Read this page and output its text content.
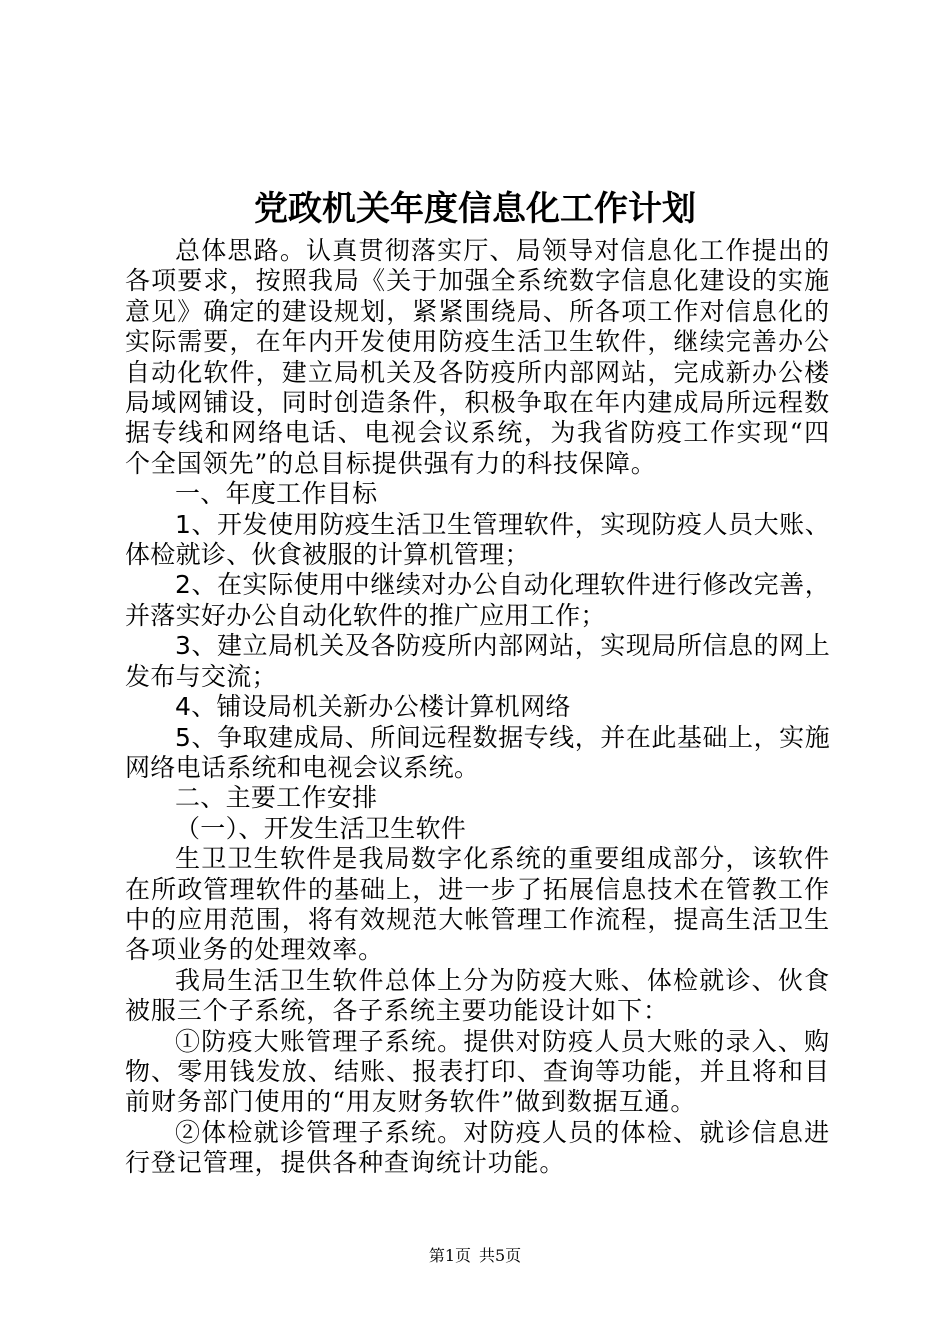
党政机关年度信息化工作计划

总体思路。认真贯彻落实厅、局领导对信息化工作提出的各项要求，按照我局《关于加强全系统数字信息化建设的实施意见》确定的建设规划，紧紧围绕局、所各项工作对信息化的实际需要，在年内开发使用防疫生活卫生软件，继续完善办公自动化软件，建立局机关及各防疫所内部网站，完成新办公楼局域网铺设，同时创造条件，积极争取在年内建成局所远程数据专线和网络电话、电视会议系统，为我省防疫工作实现“四个全国领先”的总目标提供强有力的科技保障。

一、年度工作目标

1、开发使用防疫生活卫生管理软件，实现防疫人员大账、体检就诊、伙食被服的计算机管理；

2、在实际使用中继续对办公自动化理软件进行修改完善，并落实好办公自动化软件的推广应用工作；

3、建立局机关及各防疫所内部网站，实现局所信息的网上发布与交流；

4、铺设局机关新办公楼计算机网络

5、争取建成局、所间远程数据专线，并在此基础上，实施网络电话系统和电视会议系统。

二、主要工作安排

（一）、开发生活卫生软件

生卫卫生软件是我局数字化系统的重要组成部分，该软件在所政管理软件的基础上，进一步了拓展信息技术在管教工作中的应用范围，将有效规范大帐管理工作流程，提高生活卫生各项业务的处理效率。

我局生活卫生软件总体上分为防疫大账、体检就诊、伙食被服三个子系统，各子系统主要功能设计如下：

①防疫大账管理子系统。提供对防疫人员大账的录入、购物、零用钱发放、结账、报表打印、查询等功能，并且将和目前财务部门使用的“用友财务软件”做到数据互通。

②体检就诊管理子系统。对防疫人员的体检、就诊信息进行登记管理，提供各种查询统计功能。

第1页 共5页
